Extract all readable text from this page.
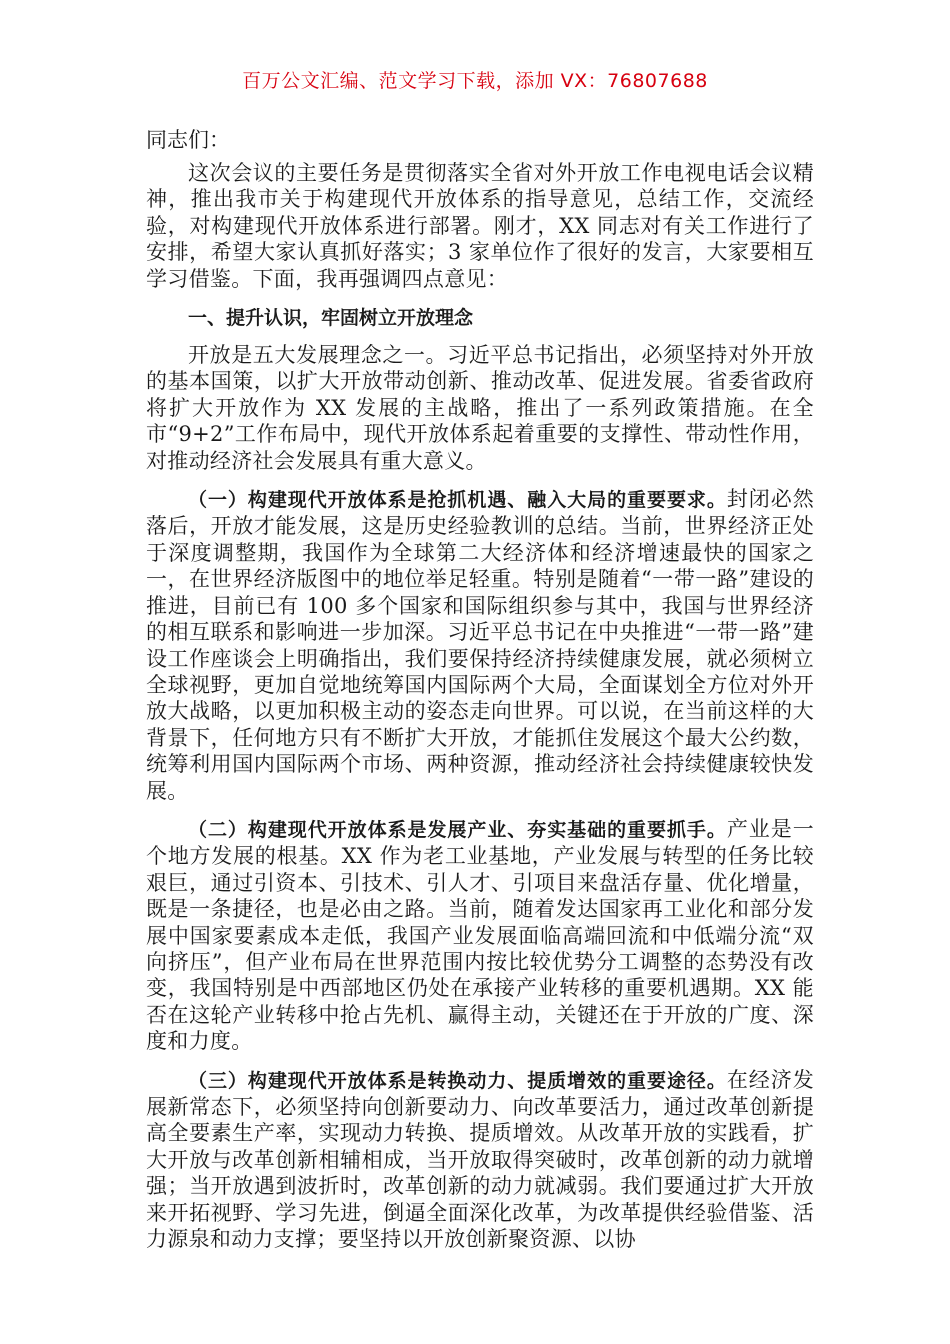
百万公文汇编、范文学习下载，添加 VX：76807688

同志们：

这次会议的主要任务是贯彻落实全省对外开放工作电视电话会议精神，推出我市关于构建现代开放体系的指导意见，总结工作，交流经验，对构建现代开放体系进行部署。刚才，XX 同志对有关工作进行了安排，希望大家认真抓好落实；3 家单位作了很好的发言，大家要相互学习借鉴。下面，我再强调四点意见：

一、提升认识，牢固树立开放理念

开放是五大发展理念之一。习近平总书记指出，必须坚持对外开放的基本国策，以扩大开放带动创新、推动改革、促进发展。省委省政府将扩大开放作为 XX 发展的主战略，推出了一系列政策措施。在全市“9+2”工作布局中，现代开放体系起着重要的支撑性、带动性作用，对推动经济社会发展具有重大意义。

（一）构建现代开放体系是抢抓机遇、融入大局的重要要求。封闭必然落后，开放才能发展，这是历史经验教训的总结。当前，世界经济正处于深度调整期，我国作为全球第二大经济体和经济增速最快的国家之一，在世界经济版图中的地位举足轻重。特别是随着“一带一路”建设的推进，目前已有 100 多个国家和国际组织参与其中，我国与世界经济的相互联系和影响进一步加深。习近平总书记在中央推进“一带一路”建设工作座谈会上明确指出，我们要保持经济持续健康发展，就必须树立全球视野，更加自觉地统筹国内国际两个大局，全面谋划全方位对外开放大战略，以更加积极主动的姿态走向世界。可以说，在当前这样的大背景下，任何地方只有不断扩大开放，才能抓住发展这个最大公约数，统筹利用国内国际两个市场、两种资源，推动经济社会持续健康较快发展。

（二）构建现代开放体系是发展产业、夯实基础的重要抓手。产业是一个地方发展的根基。XX 作为老工业基地，产业发展与转型的任务比较艰巨，通过引资本、引技术、引人才、引项目来盘活存量、优化增量，既是一条捷径，也是必由之路。当前，随着发达国家再工业化和部分发展中国家要素成本走低，我国产业发展面临高端回流和中低端分流“双向挤压”，但产业布局在世界范围内按比较优势分工调整的态势没有改变，我国特别是中西部地区仍处在承接产业转移的重要机遇期。XX 能否在这轮产业转移中抢占先机、赢得主动，关键还在于开放的广度、深度和力度。

（三）构建现代开放体系是转换动力、提质增效的重要途径。在经济发展新常态下，必须坚持向创新要动力、向改革要活力，通过改革创新提高全要素生产率，实现动力转换、提质增效。从改革开放的实践看，扩大开放与改革创新相辅相成，当开放取得突破时，改革创新的动力就增强；当开放遇到波折时，改革创新的动力就减弱。我们要通过扩大开放来开拓视野、学习先进，倒逼全面深化改革，为改革提供经验借鉴、活力源泉和动力支撑；要坚持以开放创新聚资源、以协
